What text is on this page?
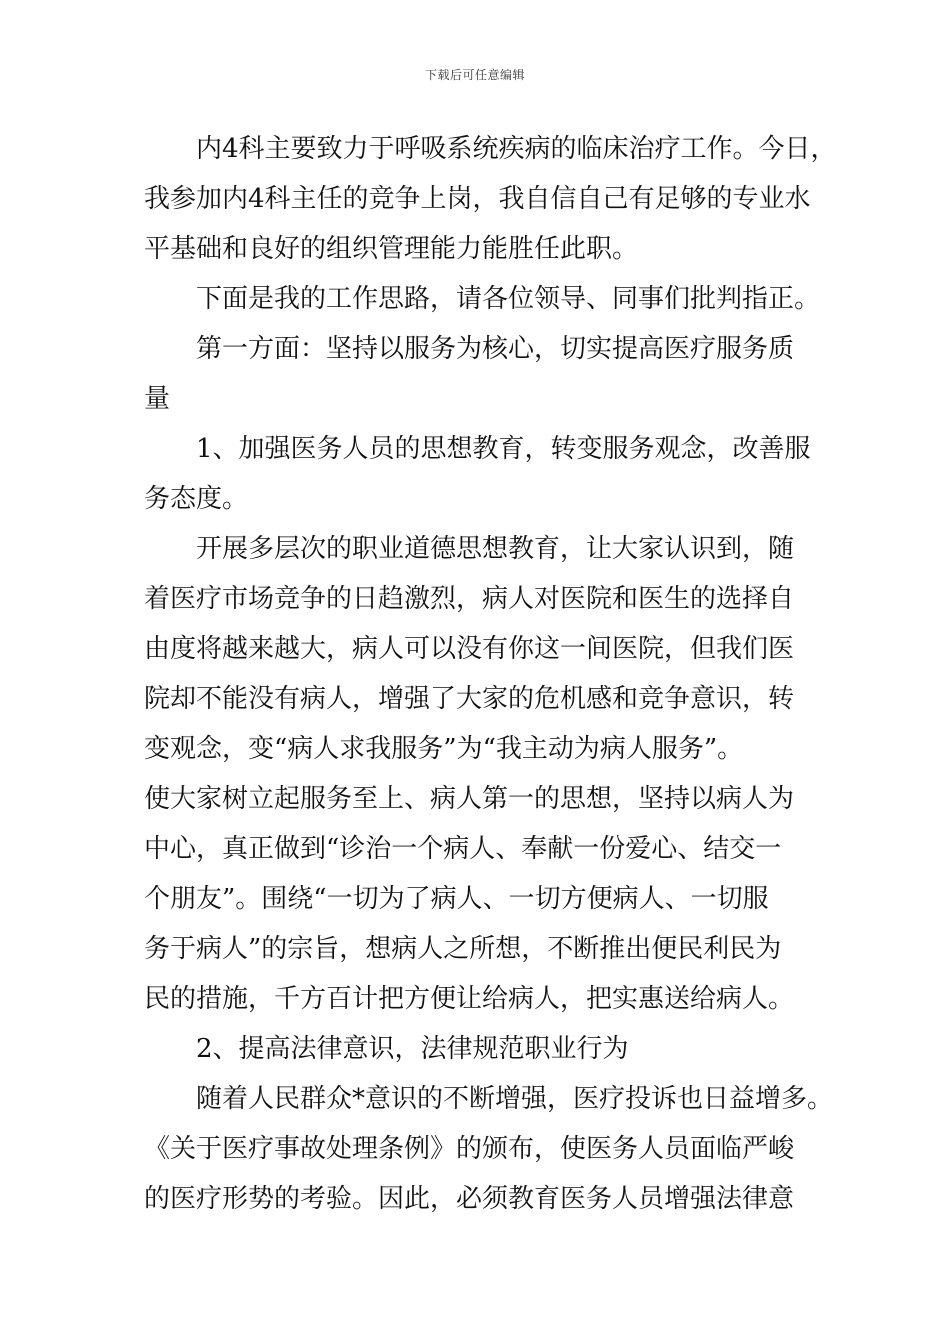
下载后可任意编辑
内4科主要致力于呼吸系统疾病的临床治疗工作。今日，
我参加内4科主任的竞争上岗，我自信自己有足够的专业水
平基础和良好的组织管理能力能胜任此职。
下面是我的工作思路，请各位领导、同事们批判指正。
第一方面：坚持以服务为核心，切实提高医疗服务质
量
1、加强医务人员的思想教育，转变服务观念，改善服
务态度。
开展多层次的职业道德思想教育，让大家认识到，随
着医疗市场竞争的日趋激烈，病人对医院和医生的选择自
由度将越来越大，病人可以没有你这一间医院，但我们医
院却不能没有病人，增强了大家的危机感和竞争意识，转
变观念，变“病人求我服务”为“我主动为病人服务”。
使大家树立起服务至上、病人第一的思想，坚持以病人为
中心，真正做到“诊治一个病人、奉献一份爱心、结交一
个朋友”。围绕“一切为了病人、一切方便病人、一切服
务于病人”的宗旨，想病人之所想，不断推出便民利民为
民的措施，千方百计把方便让给病人，把实惠送给病人。
2、提高法律意识，法律规范职业行为
随着人民群众*意识的不断增强，医疗投诉也日益增多。
《关于医疗事故处理条例》的颁布，使医务人员面临严峻
的医疗形势的考验。因此，必须教育医务人员增强法律意
